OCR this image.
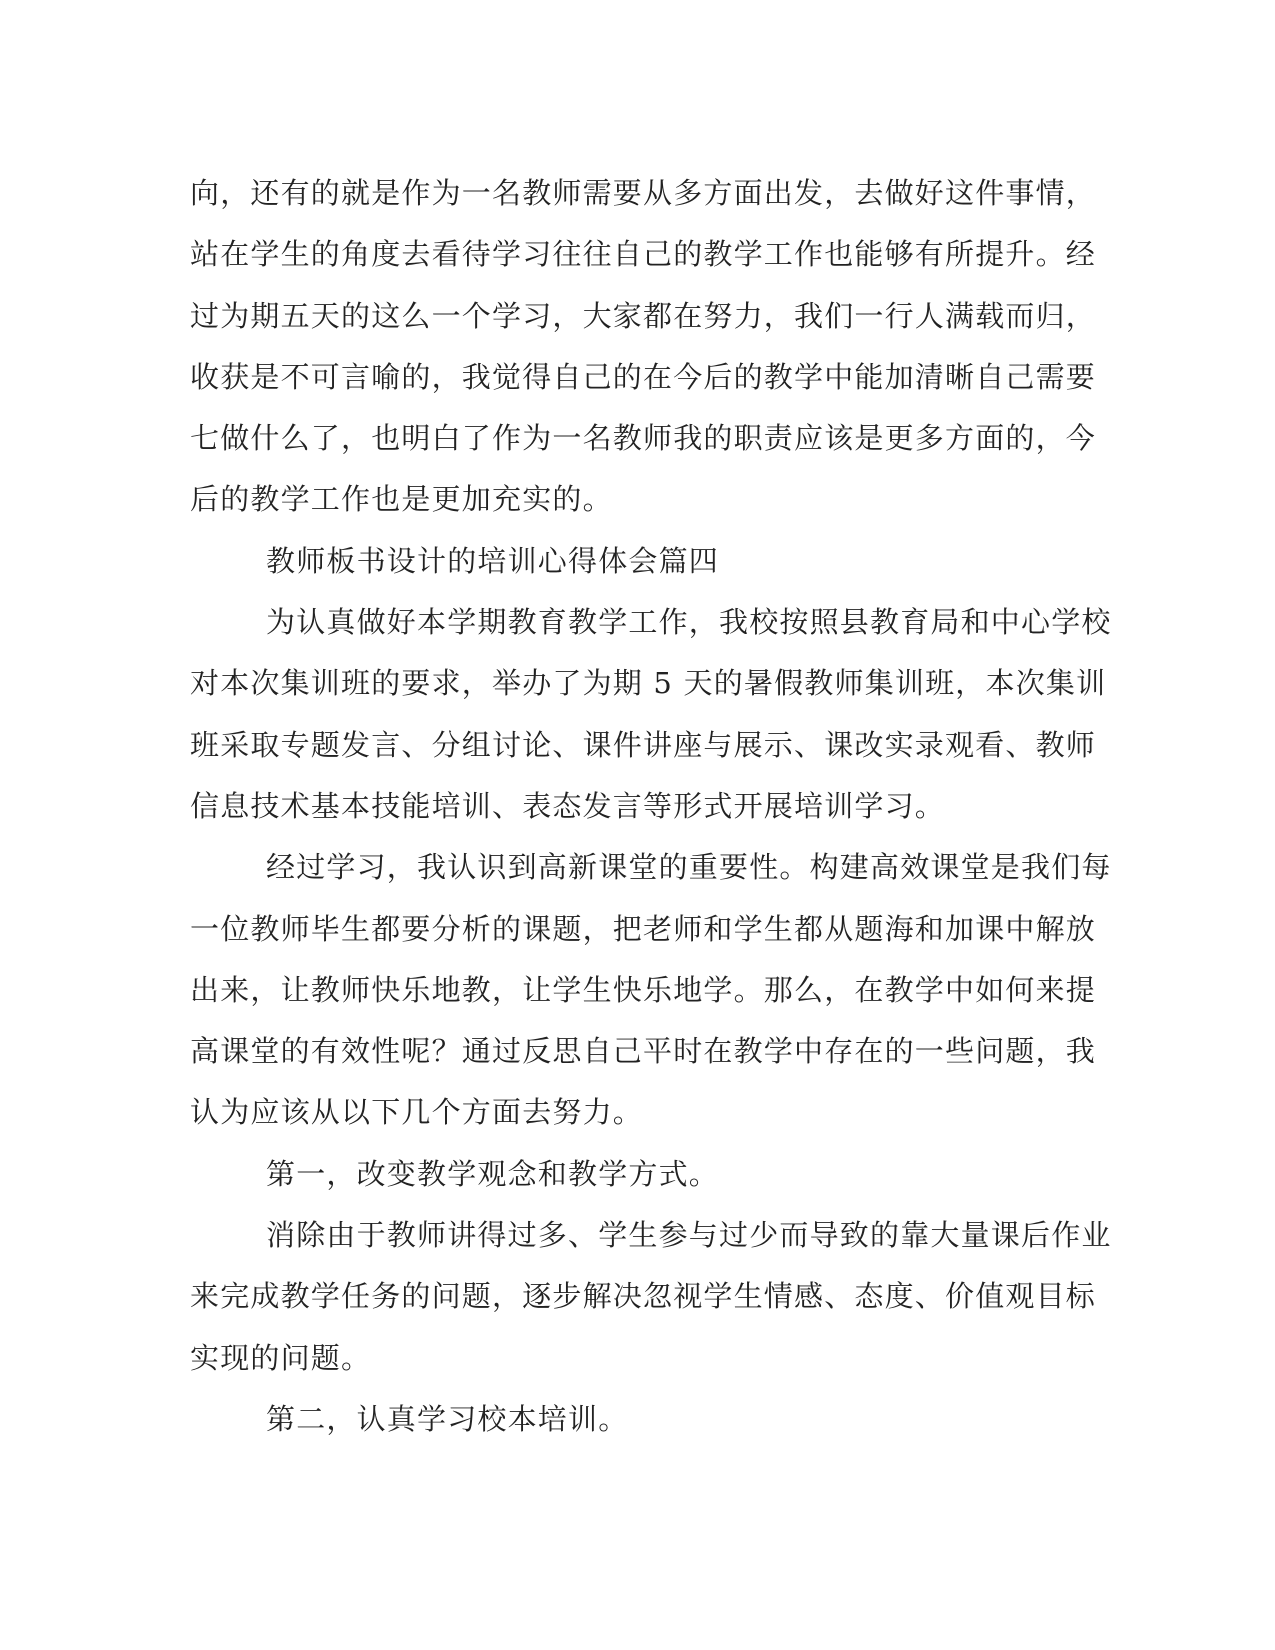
向，还有的就是作为一名教师需要从多方面出发，去做好这件事情，
站在学生的角度去看待学习往往自己的教学工作也能够有所提升。经
过为期五天的这么一个学习，大家都在努力，我们一行人满载而归，
收获是不可言喻的，我觉得自己的在今后的教学中能加清晰自己需要
七做什么了，也明白了作为一名教师我的职责应该是更多方面的，今
后的教学工作也是更加充实的。
教师板书设计的培训心得体会篇四
为认真做好本学期教育教学工作，我校按照县教育局和中心学校
对本次集训班的要求，举办了为期 5 天的暑假教师集训班，本次集训
班采取专题发言、分组讨论、课件讲座与展示、课改实录观看、教师
信息技术基本技能培训、表态发言等形式开展培训学习。
经过学习，我认识到高新课堂的重要性。构建高效课堂是我们每
一位教师毕生都要分析的课题，把老师和学生都从题海和加课中解放
出来，让教师快乐地教，让学生快乐地学。那么，在教学中如何来提
高课堂的有效性呢？通过反思自己平时在教学中存在的一些问题，我
认为应该从以下几个方面去努力。
第一，改变教学观念和教学方式。
消除由于教师讲得过多、学生参与过少而导致的靠大量课后作业
来完成教学任务的问题，逐步解决忽视学生情感、态度、价值观目标
实现的问题。
第二，认真学习校本培训。
